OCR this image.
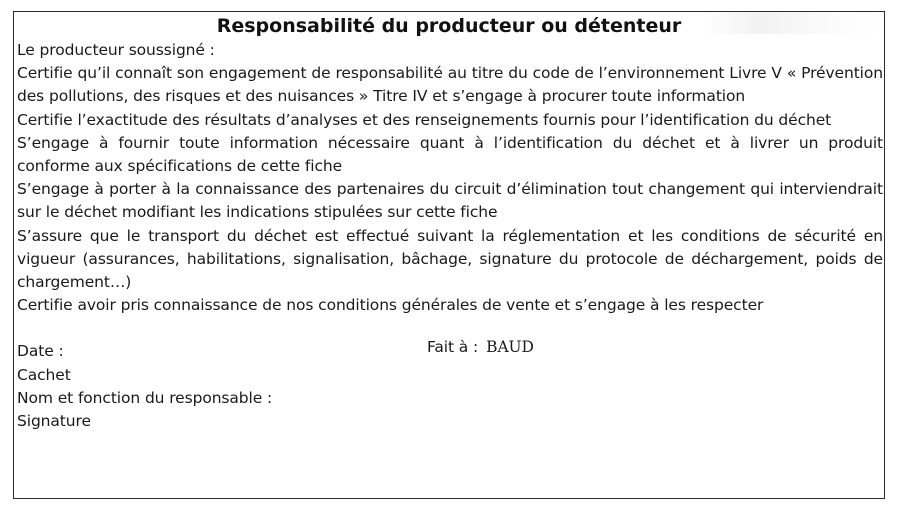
Responsabilité du producteur ou détenteur

Le producteur soussigné :

Certifie qu’il connaît son engagement de responsabilité au titre du code de l’environnement Livre V « Prévention des pollutions, des risques et des nuisances » Titre IV et s’engage à procurer toute information

Certifie l’exactitude des résultats d’analyses et des renseignements fournis pour l’identification du déchet

S’engage à fournir toute information nécessaire quant à l’identification du déchet et à livrer un produit conforme aux spécifications de cette fiche

S’engage à porter à la connaissance des partenaires du circuit d’élimination tout changement qui interviendrait sur le déchet modifiant les indications stipulées sur cette fiche

S’assure que le transport du déchet est effectué suivant la réglementation et les conditions de sécurité en vigueur (assurances, habilitations, signalisation, bâchage, signature du protocole de déchargement, poids de chargement…)

Certifie avoir pris connaissance de nos conditions générales de vente et s’engage à les respecter

Date :	Fait à : BAUD
Cachet
Nom et fonction du responsable :
Signature
